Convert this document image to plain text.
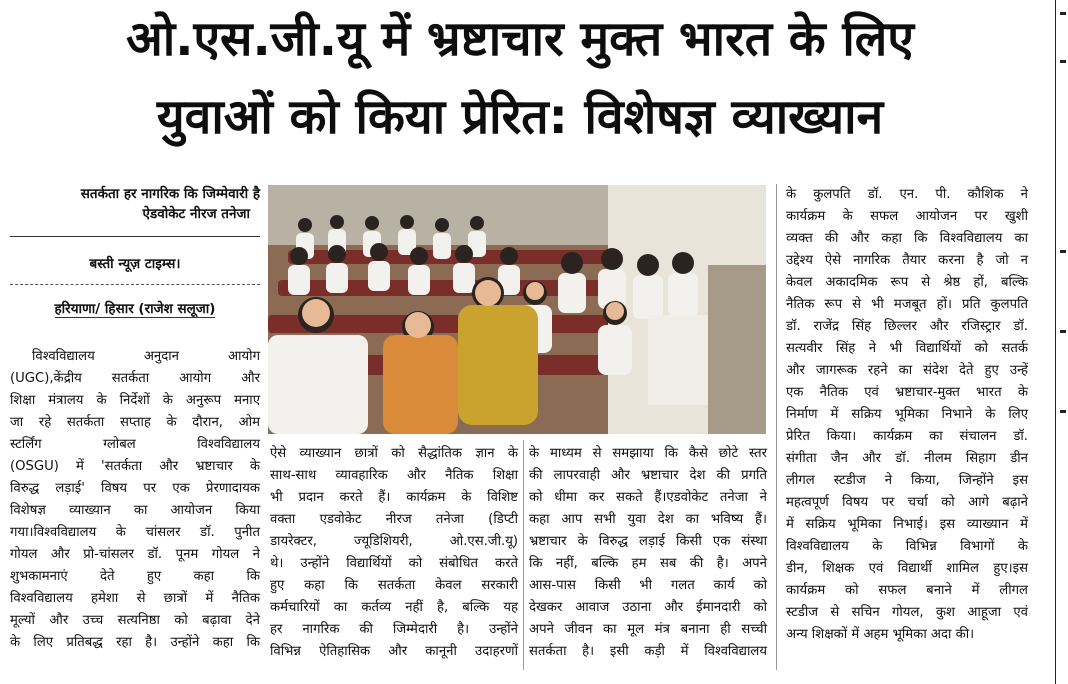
ओ.एस.जी.यू में भ्रष्टाचार मुक्त भारत के लिए
युवाओं को किया प्रेरित: विशेषज्ञ व्याख्यान
सतर्कता हर नागरिक कि जिम्मेवारी है
ऐडवोकेट नीरज तनेजा
बस्ती न्यूज़ टाइम्स।
हरियाणा/ हिसार (राजेश सलूजा)

विश्वविद्यालय अनुदान आयोग

(UGC),केंद्रीय सतर्कता आयोग और

शिक्षा मंत्रालय के निर्देशों के अनुरूप मनाए

जा रहे सतर्कता सप्ताह के दौरान, ओम

स्टर्लिंग ग्लोबल विश्वविद्यालय

(OSGU) में 'सतर्कता और भ्रष्टाचार के

विरुद्ध लड़ाई' विषय पर एक प्रेरणादायक

विशेषज्ञ व्याख्यान का आयोजन किया

गया।विश्वविद्यालय के चांसलर डॉ. पुनीत

गोयल और प्रो-चांसलर डॉ. पूनम गोयल ने

शुभकामनाएं देते हुए कहा कि

विश्वविद्यालय हमेशा से छात्रों में नैतिक

मूल्यों और उच्च सत्यनिष्ठा को बढ़ावा देने

के लिए प्रतिबद्ध रहा है। उन्होंने कहा कि

ऐसे व्याख्यान छात्रों को सैद्धांतिक ज्ञान के

साथ-साथ व्यावहारिक और नैतिक शिक्षा

भी प्रदान करते हैं। कार्यक्रम के विशिष्ट

वक्ता एडवोकेट नीरज तनेजा (डिप्टी

डायरेक्टर, ज्यूडिशियरी, ओ.एस.जी.यू)

थे। उन्होंने विद्यार्थियों को संबोधित करते

हुए कहा कि सतर्कता केवल सरकारी

कर्मचारियों का कर्तव्य नहीं है, बल्कि यह

हर नागरिक की जिम्मेदारी है। उन्होंने

विभिन्न ऐतिहासिक और कानूनी उदाहरणों

के माध्यम से समझाया कि कैसे छोटे स्तर

की लापरवाही और भ्रष्टाचार देश की प्रगति

को धीमा कर सकते हैं।एडवोकेट तनेजा ने

कहा आप सभी युवा देश का भविष्य हैं।

भ्रष्टाचार के विरुद्ध लड़ाई किसी एक संस्था

कि नहीं, बल्कि हम सब की है। अपने

आस-पास किसी भी गलत कार्य को

देखकर आवाज उठाना और ईमानदारी को

अपने जीवन का मूल मंत्र बनाना ही सच्ची

सतर्कता है। इसी कड़ी में विश्वविद्यालय

के कुलपति डॉ. एन. पी. कौशिक ने

कार्यक्रम के सफल आयोजन पर खुशी

व्यक्त की और कहा कि विश्वविद्यालय का

उद्देश्य ऐसे नागरिक तैयार करना है जो न

केवल अकादमिक रूप से श्रेष्ठ हों, बल्कि

नैतिक रूप से भी मजबूत हों। प्रति कुलपति

डॉ. राजेंद्र सिंह छिल्लर और रजिस्ट्रार डॉ.

सत्यवीर सिंह ने भी विद्यार्थियों को सतर्क

और जागरूक रहने का संदेश देते हुए उन्हें

एक नैतिक एवं भ्रष्टाचार-मुक्त भारत के

निर्माण में सक्रिय भूमिका निभाने के लिए

प्रेरित किया। कार्यक्रम का संचालन डॉ.

संगीता जैन और डॉ. नीलम सिहाग डीन

लीगल स्टडीज ने किया, जिन्होंने इस

महत्वपूर्ण विषय पर चर्चा को आगे बढ़ाने

में सक्रिय भूमिका निभाई। इस व्याख्यान में

विश्वविद्यालय के विभिन्न विभागों के

डीन, शिक्षक एवं विद्यार्थी शामिल हुए।इस

कार्यक्रम को सफल बनाने में लीगल

स्टडीज से सचिन गोयल, कुश आहूजा एवं

अन्य शिक्षकों में अहम भूमिका अदा की।
